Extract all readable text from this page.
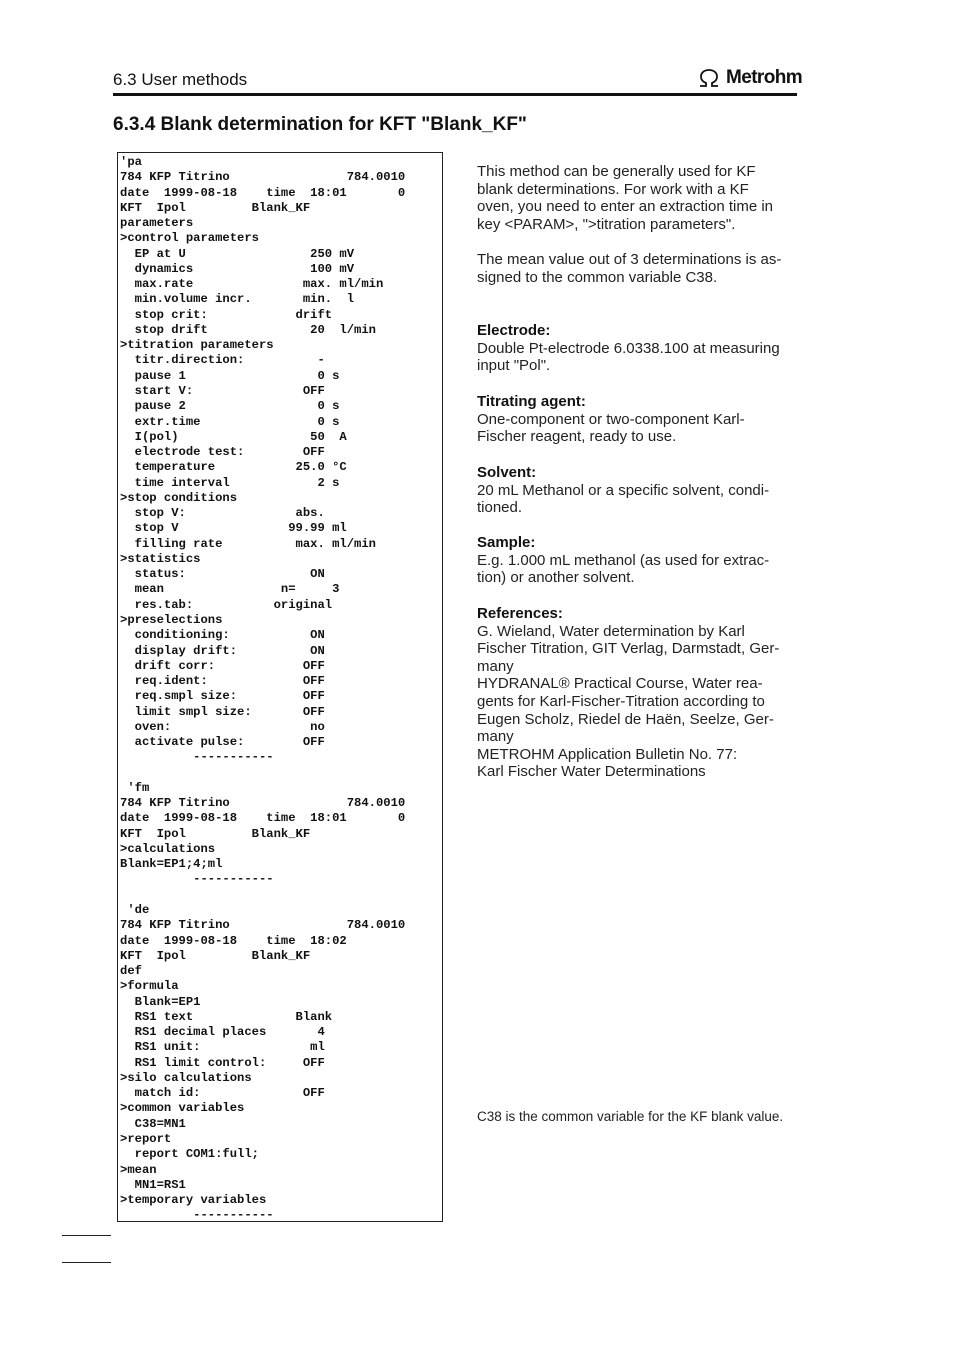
6.3 User methods	Metrohm
6.3.4 Blank determination for KFT "Blank_KF"
'pa
784 KFP Titrino                784.0010
date  1999-08-18    time  18:01       0
KFT  Ipol         Blank_KF
parameters
>control parameters
EP at U                 250 mV
dynamics                100 mV
max.rate               max. ml/min
min.volume incr.       min.  l
stop crit:            drift
stop drift              20  l/min
>titration parameters
titr.direction:          -
pause 1                  0 s
start V:               OFF
pause 2                  0 s
extr.time                0 s
I(pol)                  50  A
electrode test:        OFF
temperature           25.0 °C
time interval            2 s
>stop conditions
stop V:               abs.
stop V               99.99 ml
filling rate          max. ml/min
>statistics
status:                 ON
mean                n=     3
res.tab:           original
>preselections
conditioning:           ON
display drift:          ON
drift corr:            OFF
req.ident:             OFF
req.smpl size:         OFF
limit smpl size:       OFF
oven:                   no
activate pulse:        OFF
-----------

'fm
784 KFP Titrino                784.0010
date  1999-08-18    time  18:01       0
KFT  Ipol         Blank_KF
>calculations
Blank=EP1;4;ml
-----------

'de
784 KFP Titrino                784.0010
date  1999-08-18    time  18:02
KFT  Ipol         Blank_KF
def
>formula
Blank=EP1
RS1 text              Blank
RS1 decimal places       4
RS1 unit:               ml
RS1 limit control:     OFF
>silo calculations
match id:              OFF
>common variables
C38=MN1
>report
report COM1:full;
>mean
MN1=RS1
>temporary variables
-----------
This method can be generally used for KF
blank determinations. For work with a KF
oven, you need to enter an extraction time in
key <PARAM>, ">titration parameters".
The mean value out of 3 determinations is as-
signed to the common variable C38.
Electrode:
Double Pt-electrode 6.0338.100 at measuring
input "Pol".
Titrating agent:
One-component or two-component Karl-
Fischer reagent, ready to use.
Solvent:
20 mL Methanol or a specific solvent, condi-
tioned.
Sample:
E.g. 1.000 mL methanol (as used for extrac-
tion) or another solvent.
References:
G. Wieland, Water determination by Karl
Fischer Titration, GIT Verlag, Darmstadt, Ger-
many
HYDRANAL® Practical Course, Water rea-
gents for Karl-Fischer-Titration according to
Eugen Scholz, Riedel de Haën, Seelze, Ger-
many
METROHM Application Bulletin No. 77:
Karl Fischer Water Determinations
C38 is the common variable for the KF blank value.
